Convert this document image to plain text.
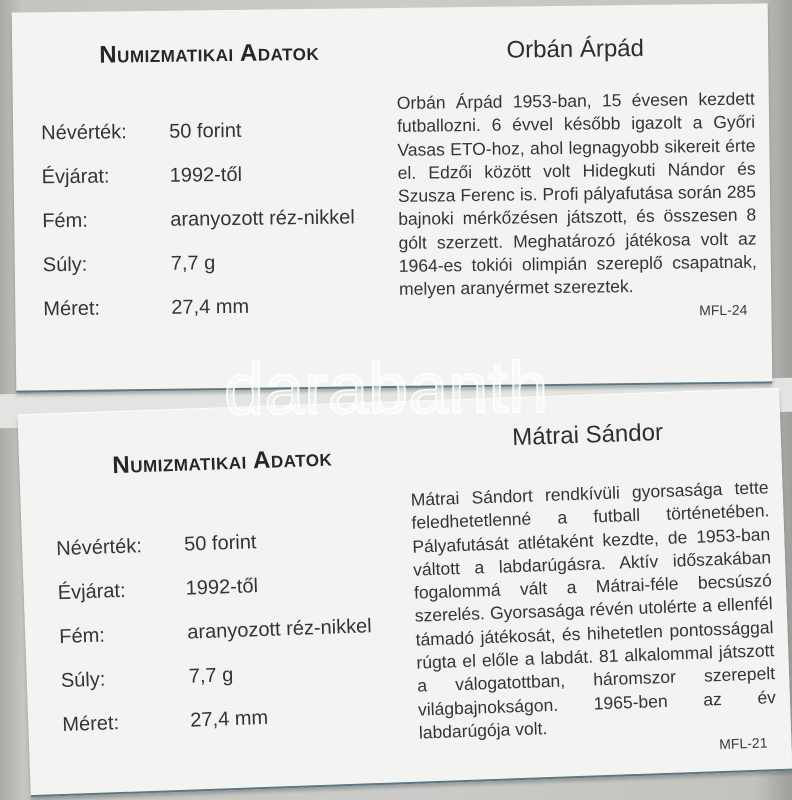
Numizmatikai Adatok
Névérték:	50 forint
Évjárat:	1992-től
Fém:	aranyozott réz-nikkel
Súly:	7,7 g
Méret:	27,4 mm
Orbán Árpád

Orbán Árpád 1953-ban, 15 évesen kezdett futballozni. 6 évvel később igazolt a Győri Vasas ETO-hoz, ahol legnagyobb sikereit érte el. Edzői között volt Hidegkuti Nándor és Szusza Ferenc is. Profi pályafutása során 285 bajnoki mérkőzésen játszott, és összesen 8 gólt szerzett. Meghatározó játékosa volt az 1964-es tokiói olimpián szereplő csapatnak, melyen aranyérmet szereztek.

MFL-24
Numizmatikai Adatok
Névérték:	50 forint
Évjárat:	1992-től
Fém:	aranyozott réz-nikkel
Súly:	7,7 g
Méret:	27,4 mm
Mátrai Sándor

Mátrai Sándort rendkívüli gyorsasága tette feledhetetlenné a futball történetében. Pályafutását atlétaként kezdte, de 1953-ban váltott a labdarúgásra. Aktív időszakában fogalommá vált a Mátrai-féle becsúszó szerelés. Gyorsasága révén utolérte a ellenfél támadó játékosát, és hihetetlen pontossággal rúgta el előle a labdát. 81 alkalommal játszott a válogatottban, háromszor szerepelt világbajnokságon. 1965-ben az év labdarúgója volt.

MFL-21
